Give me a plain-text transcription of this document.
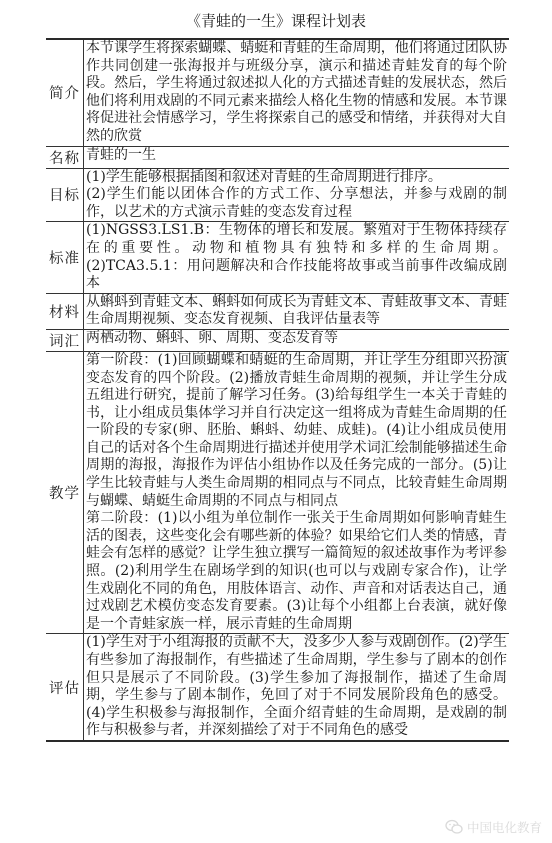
《青蛙的一生》课程计划表
简介	本节课学生将探索蝴蝶、蜻蜓和青蛙的生命周期，他们将通过团队协作共同创建一张海报并与班级分享，演示和描述青蛙发育的每个阶段。然后，学生将通过叙述拟人化的方式描述青蛙的发展状态，然后他们将利用戏剧的不同元素来描绘人格化生物的情感和发展。本节课将促进社会情感学习，学生将探索自己的感受和情绪，并获得对大自然的欣赏
名称	青蛙的一生
目标	(1)学生能够根据插图和叙述对青蛙的生命周期进行排序。
(2)学生们能以团体合作的方式工作、分享想法，并参与戏剧的制作，以艺术的方式演示青蛙的变态发育过程

标准	(1)NGSS3.LS1.B：生物体的增长和发展。繁殖对于生物体持续存在的重要性。动物和植物具有独特和多样的生命周期。(2)TCA3.5.1：用问题解决和合作技能将故事或当前事件改编成剧本
材料	从蝌蚪到青蛙文本、蝌蚪如何成长为青蛙文本、青蛙故事文本、青蛙生命周期视频、变态发育视频、自我评估量表等
词汇	两栖动物、蝌蚪、卵、周期、变态发育等
教学	第一阶段：(1)回顾蝴蝶和蜻蜓的生命周期，并让学生分组即兴扮演变态发育的四个阶段。(2)播放青蛙生命周期的视频，并让学生分成五组进行研究，提前了解学习任务。(3)给每组学生一本关于青蛙的书，让小组成员集体学习并自行决定这一组将成为青蛙生命周期的任一阶段的专家(卵、胚胎、蝌蚪、幼蛙、成蛙)。(4)让小组成员使用自己的话对各个生命周期进行描述并使用学术词汇绘制能够描述生命周期的海报，海报作为评估小组协作以及任务完成的一部分。(5)让学生比较青蛙与人类生命周期的相同点与不同点，比较青蛙生命周期与蝴蝶、蜻蜓生命周期的不同点与相同点
第二阶段：(1)以小组为单位制作一张关于生命周期如何影响青蛙生活的图表，这些变化会有哪些新的体验？如果给它们人类的情感，青蛙会有怎样的感觉？让学生独立撰写一篇简短的叙述故事作为考评参照。(2)利用学生在剧场学到的知识(也可以与戏剧专家合作)，让学生戏剧化不同的角色，用肢体语言、动作、声音和对话表达自己，通过戏剧艺术模仿变态发育要素。(3)让每个小组都上台表演，就好像是一个青蛙家族一样，展示青蛙的生命周期

评估	(1)学生对于小组海报的贡献不大，没多少人参与戏剧创作。(2)学生有些参加了海报制作，有些描述了生命周期，学生参与了剧本的创作但只是展示了不同阶段。(3)学生参加了海报制作，描述了生命周期，学生参与了剧本制作，免回了对于不同发展阶段角色的感受。(4)学生积极参与海报制作，全面介绍青蛙的生命周期，是戏剧的制作与积极参与者，并深刻描绘了对于不同角色的感受
中国电化教育
